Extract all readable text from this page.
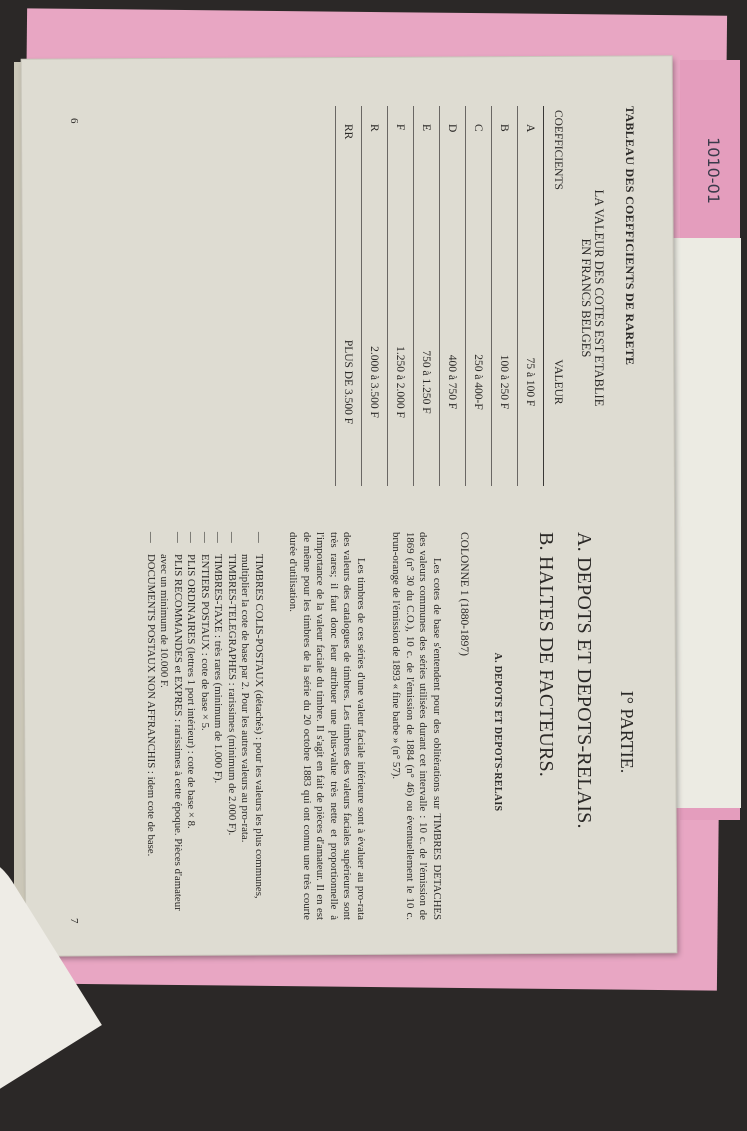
1010-01
TABLEAU DES COEFFICIENTS DE RARETE
LA VALEUR DES COTES EST ETABLIE
EN FRANCS BELGES
COEFFICIENTS	VALEUR
A	75 à 100 F
B	100 à 250 F
C	250 à 400-F
D	400 à 750 F
E	750 à 1.250 F
F	1.250 à 2.000 F
R	2.000 à 3.500 F
RR	PLUS DE 3.500 F
6
I° PARTIE.
A. DEPOTS ET DEPOTS-RELAIS.
B. HALTES DE FACTEURS.
A. DEPOTS ET DEPOTS-RELAIS
COLONNE 1 (1880-1897)

Les cotes de base s'entendent pour des oblitérations sur TIMBRES DETACHES des valeurs communes des séries utilisées durant cet intervalle : 10 c. de l'émission de 1869 (n° 30 du C.O.), 10 c. de l'émission de 1884 (n° 46) ou éventuellement le 10 c. brun-orange de l'émission de 1893 « fine barbe » (n° 57).

Les timbres de ces séries d'une valeur faciale inférieure sont à évaluer au pro-rata des valeurs des catalogues de timbres. Les timbres des valeurs faciales supérieures sont très rares; il faut donc leur attribuer une plus-value très nette et proportionnelle à l'importance de la valeur faciale du timbre. Il s'agit en fait de pièces d'amateur. Il en est de même pour les timbres de la série du 20 octobre 1883 qui ont connu une très courte durée d'utilisation.

— TIMBRES COLIS-POSTAUX (détachés) : pour les valeurs les plus communes, multiplier la cote de base par 2. Pour les autres valeurs au pro-rata.
— TIMBRES-TELEGRAPHES : rarissimes (minimum de 2.000 F).
— TIMBRES-TAXE : très rares (minimum de 1.000 F).
— ENTIERS POSTAUX : cote de base × 5.
— PLIS ORDINAIRES (lettres 1 port intérieur) : cote de base × 8.
— PLIS RECOMMANDES et EXPRES : rarissimes à cette époque. Pièces d'amateur avec un minimum de 10.000 F.
— DOCUMENTS POSTAUX NON AFFRANCHIS : idem cote de base.
7
